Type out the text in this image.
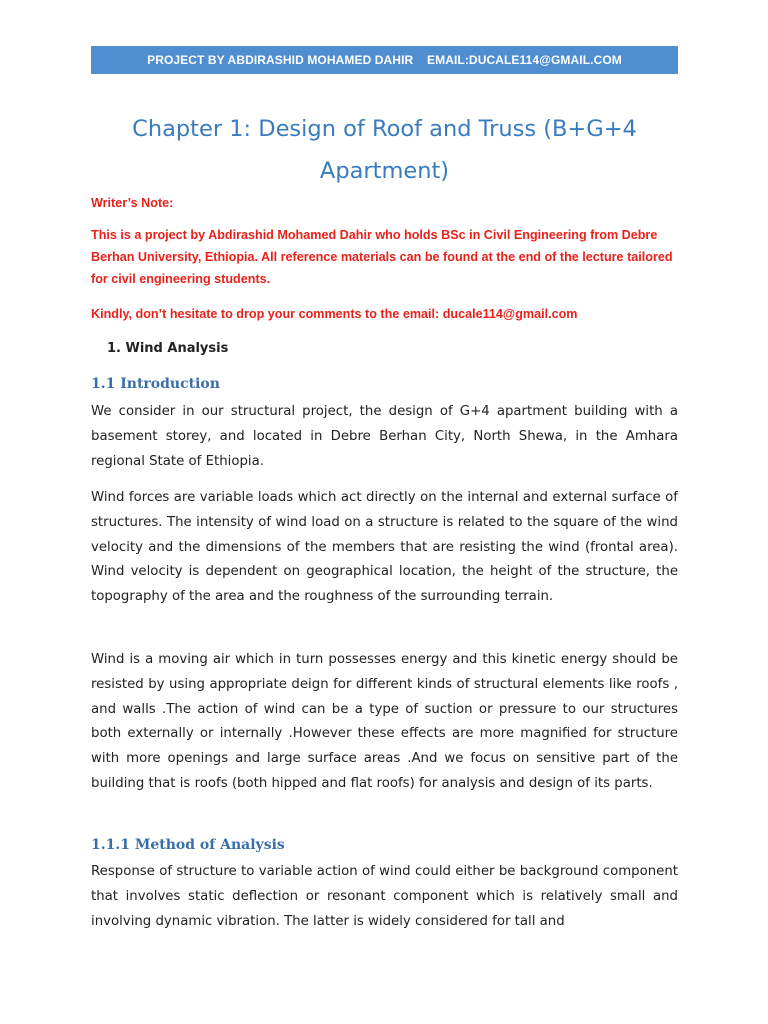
PROJECT BY ABDIRASHID MOHAMED DAHIR    EMAIL:DUCALE114@GMAIL.COM
Chapter 1: Design of Roof and Truss (B+G+4 Apartment)

Writer’s Note:

This is a project by Abdirashid Mohamed Dahir who holds BSc in Civil Engineering from Debre Berhan University, Ethiopia. All reference materials can be found at the end of the lecture tailored for civil engineering students.

Kindly, don’t hesitate to drop your comments to the email: ducale114@gmail.com

1. Wind Analysis
1.1 Introduction

We consider in our structural project, the design of G+4 apartment building with a basement storey, and located in Debre Berhan City, North Shewa, in the Amhara regional State of Ethiopia.

Wind forces are variable loads which act directly on the internal and external surface of structures. The intensity of wind load on a structure is related to the square of the wind velocity and the dimensions of the members that are resisting the wind (frontal area). Wind velocity is dependent on geographical location, the height of the structure, the topography of the area and the roughness of the surrounding terrain.

Wind is a moving air which in turn possesses energy and this kinetic energy should be resisted by using appropriate deign for different kinds of structural elements like roofs , and walls .The action of wind can be a type of suction or pressure to our structures both externally or internally .However these effects are more magnified for structure with more openings and large surface areas .And we focus on sensitive part of the building that is roofs (both hipped and flat roofs) for analysis and design of its parts.

1.1.1 Method of Analysis

Response of structure to variable action of wind could either be background component that involves static deflection or resonant component which is relatively small and involving dynamic vibration. The latter is widely considered for tall and
